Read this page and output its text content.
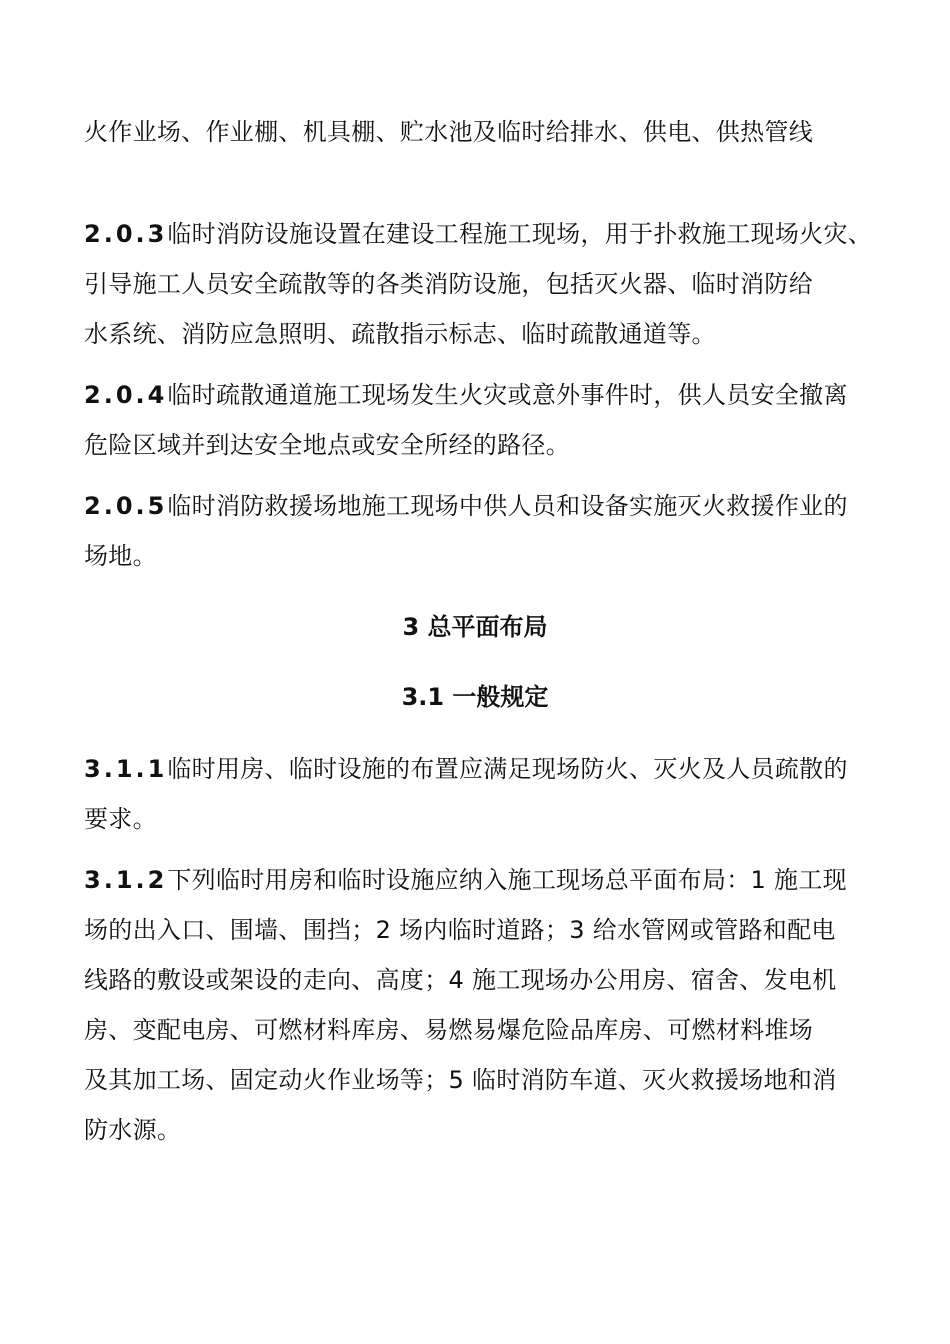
火作业场、作业棚、机具棚、贮水池及临时给排水、供电、供热管线
2.0.3临时消防设施设置在建设工程施工现场，用于扑救施工现场火灾、
引导施工人员安全疏散等的各类消防设施，包括灭火器、临时消防给
水系统、消防应急照明、疏散指示标志、临时疏散通道等。
2.0.4临时疏散通道施工现场发生火灾或意外事件时，供人员安全撤离
危险区域并到达安全地点或安全所经的路径。
2.0.5临时消防救援场地施工现场中供人员和设备实施灭火救援作业的
场地。
3 总平面布局
3.1 一般规定
3.1.1临时用房、临时设施的布置应满足现场防火、灭火及人员疏散的
要求。
3.1.2下列临时用房和临时设施应纳入施工现场总平面布局：1 施工现
场的出入口、围墙、围挡；2 场内临时道路；3 给水管网或管路和配电
线路的敷设或架设的走向、高度；4 施工现场办公用房、宿舍、发电机
房、变配电房、可燃材料库房、易燃易爆危险品库房、可燃材料堆场
及其加工场、固定动火作业场等；5 临时消防车道、灭火救援场地和消
防水源。
